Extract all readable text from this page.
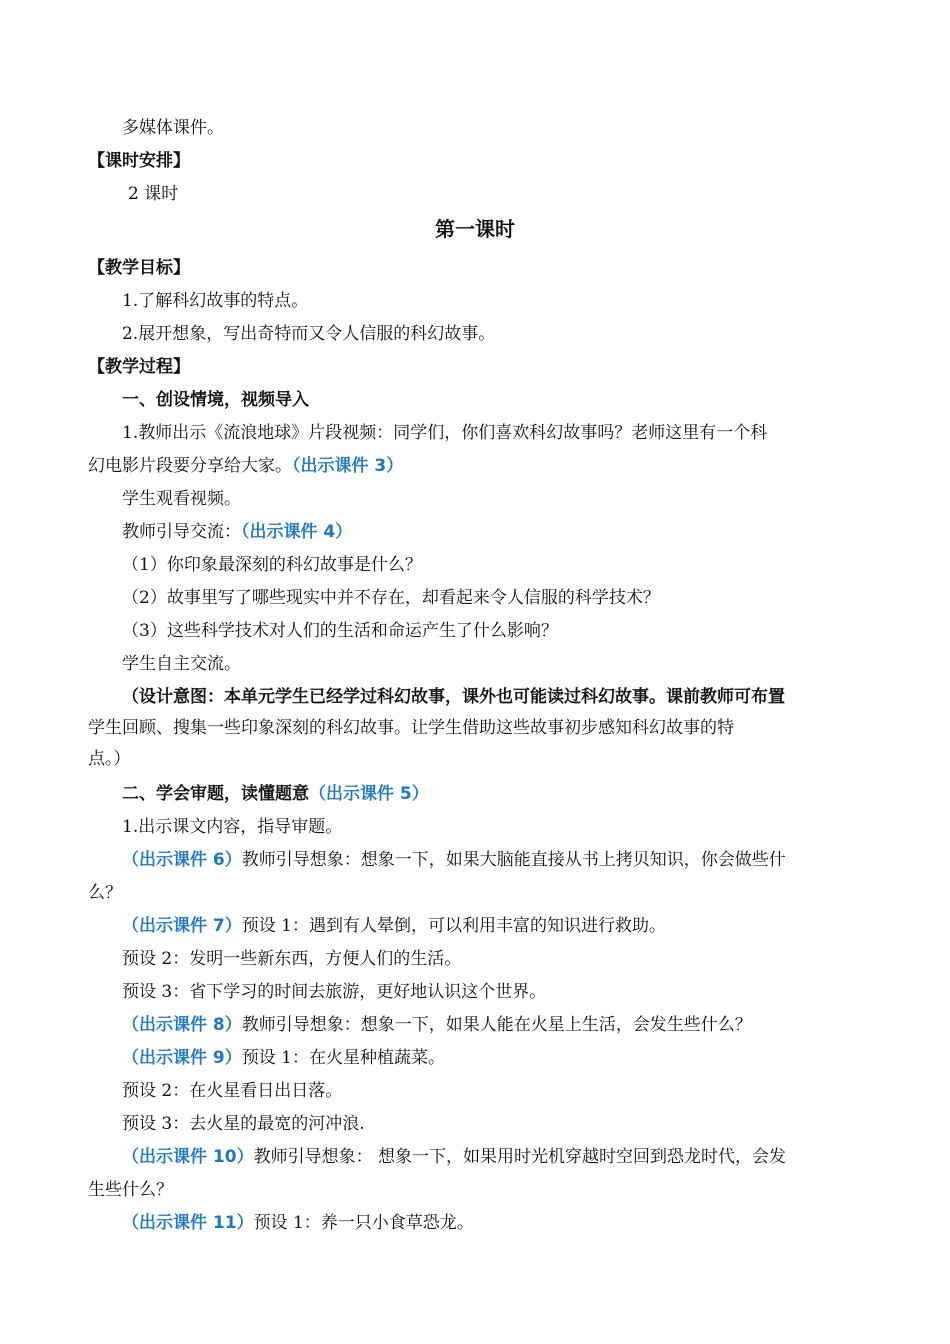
多媒体课件。
【课时安排】
2 课时
第一课时
【教学目标】
1.了解科幻故事的特点。
2.展开想象，写出奇特而又令人信服的科幻故事。
【教学过程】
一、创设情境，视频导入
1.教师出示《流浪地球》片段视频：同学们，你们喜欢科幻故事吗？老师这里有一个科
幻电影片段要分享给大家。（出示课件 3）
学生观看视频。
教师引导交流：（出示课件 4）
（1）你印象最深刻的科幻故事是什么？
（2）故事里写了哪些现实中并不存在，却看起来令人信服的科学技术？
（3）这些科学技术对人们的生活和命运产生了什么影响？
学生自主交流。
（设计意图：本单元学生已经学过科幻故事，课外也可能读过科幻故事。课前教师可布置
学生回顾、搜集一些印象深刻的科幻故事。让学生借助这些故事初步感知科幻故事的特
点。）
二、学会审题，读懂题意（出示课件 5）
1.出示课文内容，指导审题。
（出示课件 6）教师引导想象：想象一下，如果大脑能直接从书上拷贝知识，你会做些什
么？
（出示课件 7）预设 1：遇到有人晕倒，可以利用丰富的知识进行救助。
预设 2：发明一些新东西，方便人们的生活。
预设 3：省下学习的时间去旅游，更好地认识这个世界。
（出示课件 8）教师引导想象：想象一下，如果人能在火星上生活，会发生些什么？
（出示课件 9）预设 1：在火星种植蔬菜。
预设 2：在火星看日出日落。
预设 3：去火星的最宽的河冲浪.
（出示课件 10）教师引导想象： 想象一下，如果用时光机穿越时空回到恐龙时代，会发
生些什么？
（出示课件 11）预设 1：养一只小食草恐龙。
